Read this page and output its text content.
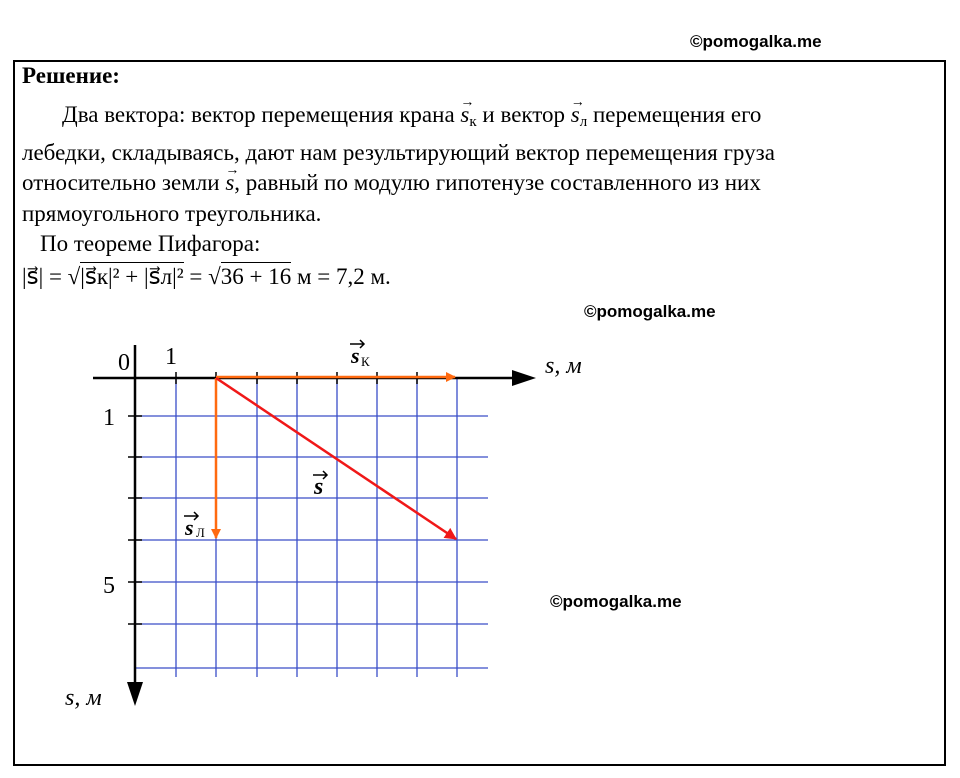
©pomogalka.me
Решение:
Два вектора: вектор перемещения крана → $s_к$ и вектор → $s_л$ перемещения его
лебедки, складываясь, дают нам результирующий вектор перемещения груза
относительно земли → s, равный по модулю гипотенузе составленного из них
прямоугольного треугольника.
По теореме Пифагора:
|s⃗| = √|s⃗к|² + |s⃗л|² = √36 + 16 м = 7,2 м.
©pomogalka.me
©pomogalka.me
0 1
1
5
s, м
s, м
s К
s Л
s
